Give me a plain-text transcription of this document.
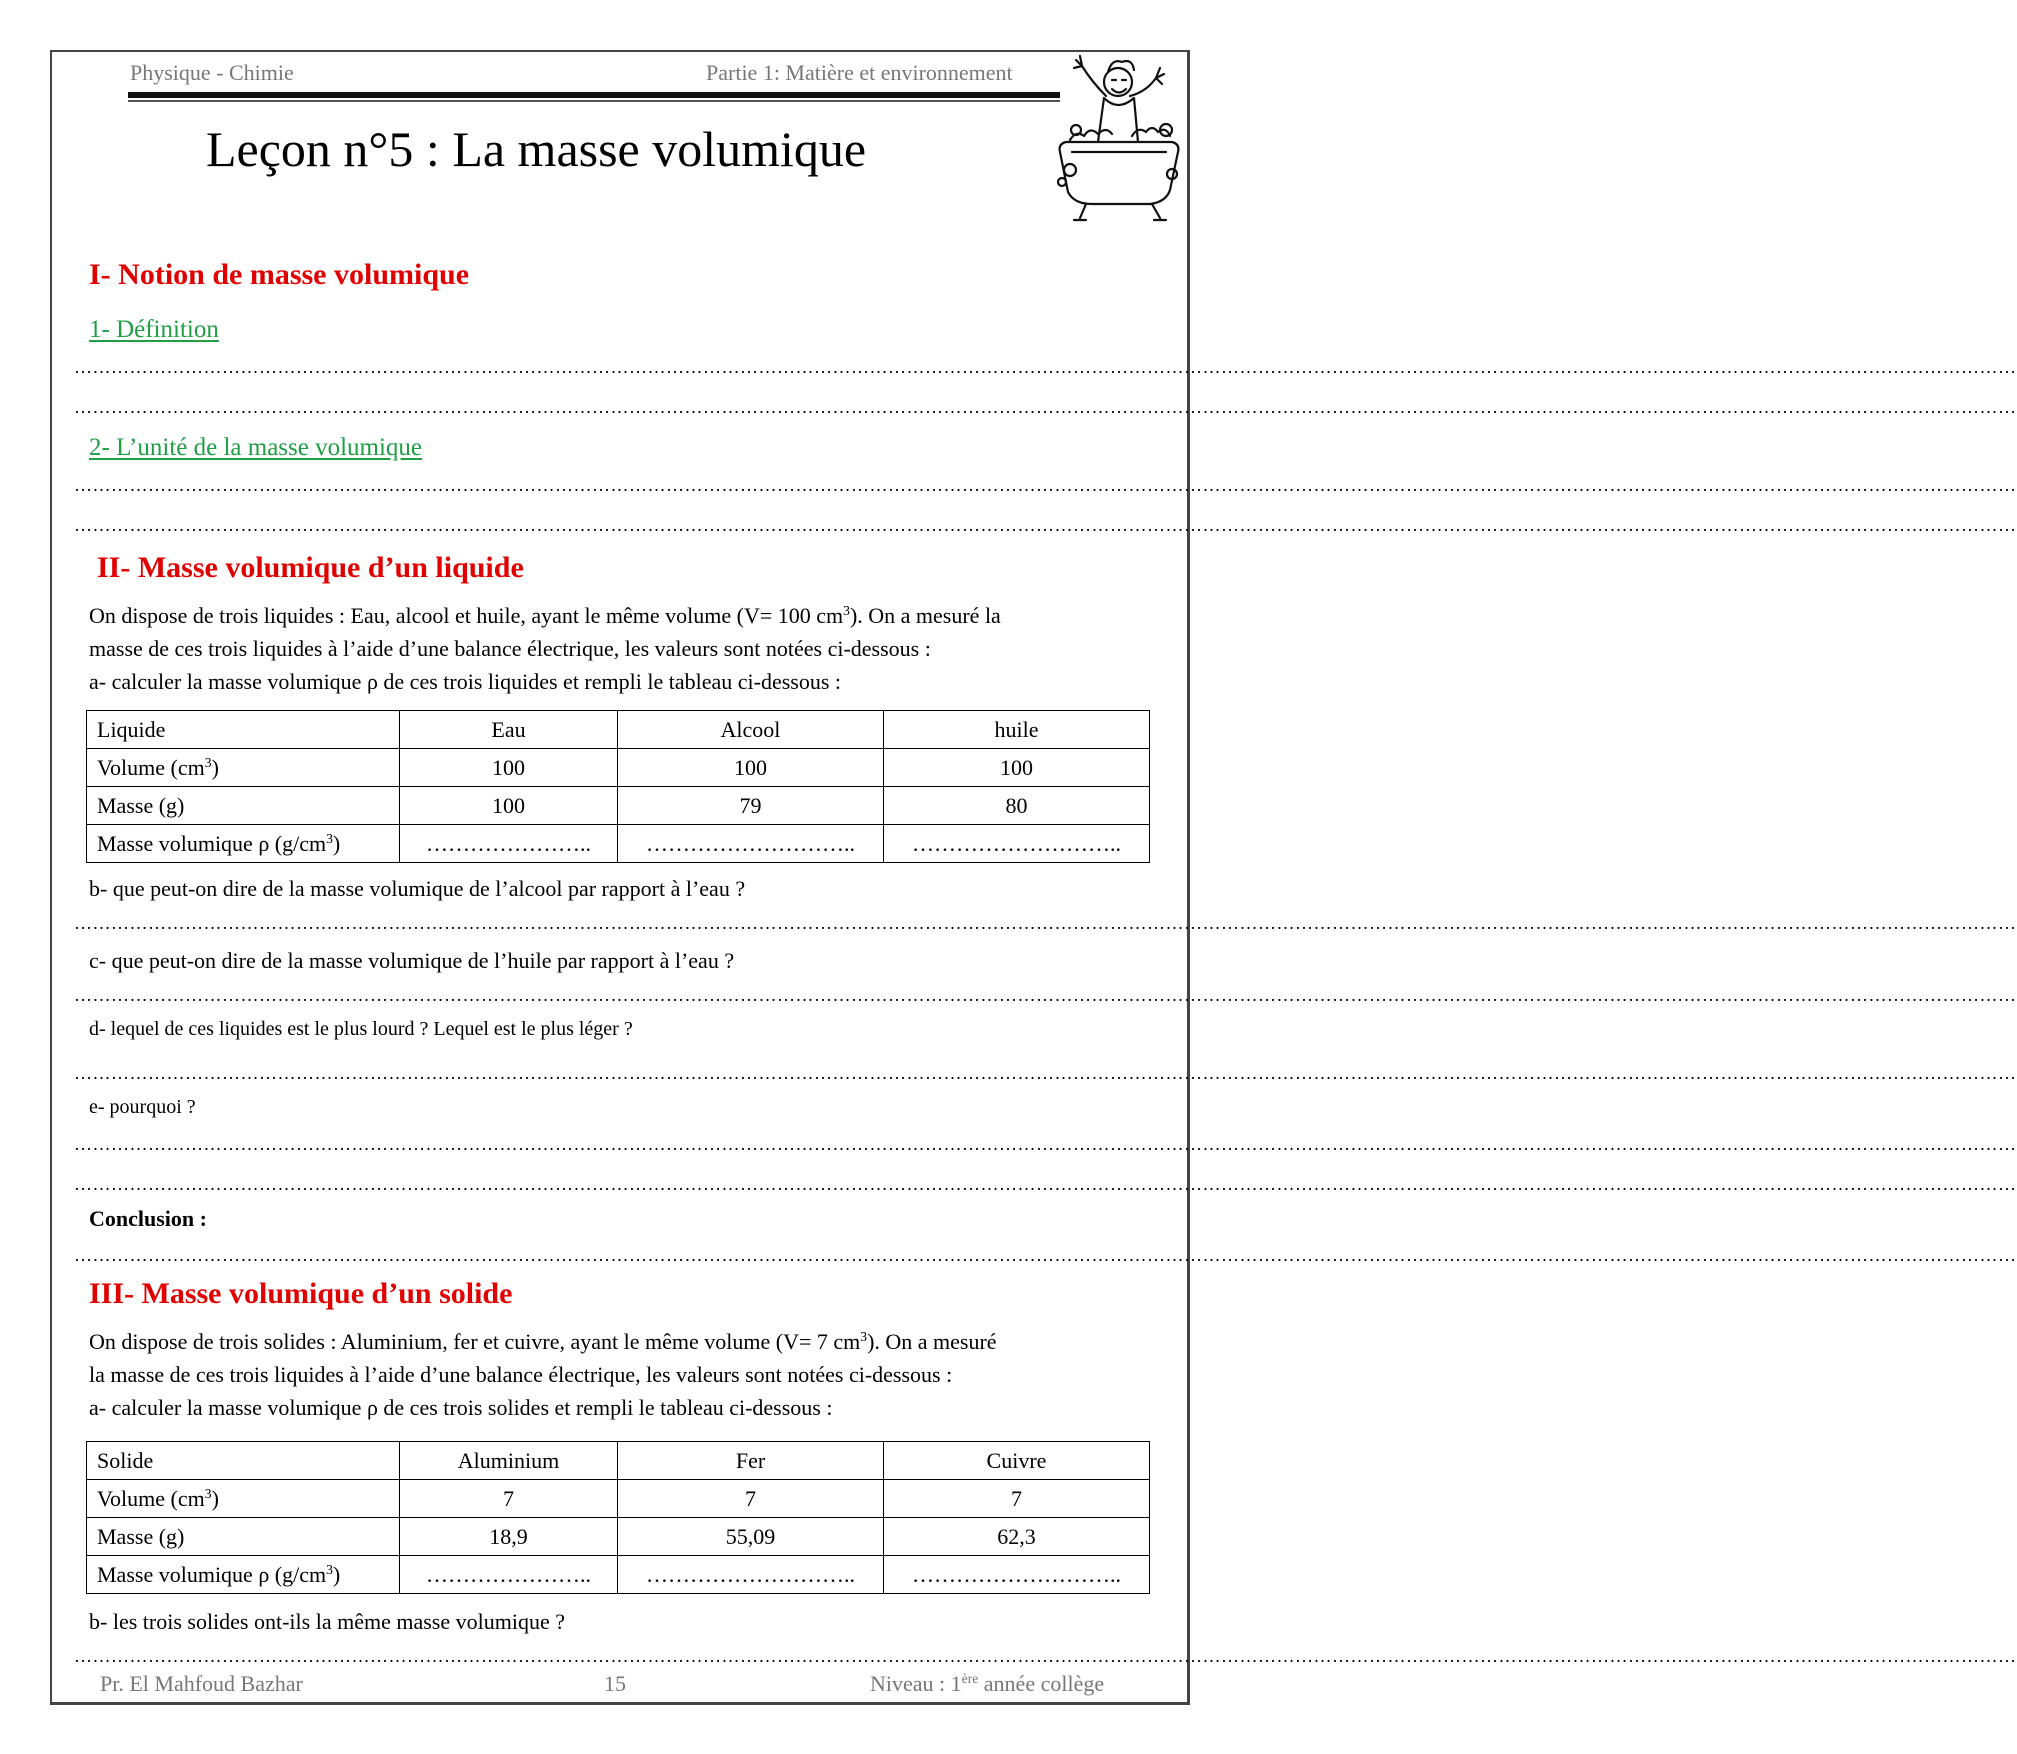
Physique - Chimie	Partie 1: Matière et environnement
Leçon n°5 : La masse volumique
I- Notion de masse volumique
1- Définition
………………………………………………………………………………………………………………………………………………………………………………………………………………………………………………………………………………………
………………………………………………………………………………………………………………………………………………………………………………………………………………………………………………………………………………………
2- L’unité de la masse volumique
………………………………………………………………………………………………………………………………………………………………………………………………………………………………………………………………………………………
………………………………………………………………………………………………………………………………………………………………………………………………………………………………………………………………………………………
II- Masse volumique d’un liquide
On dispose de trois liquides : Eau, alcool et huile, ayant le même volume (V= 100 $cm^3$). On a mesuré la
masse de ces trois liquides à l’aide d’une balance électrique, les valeurs sont notées ci-dessous :
a- calculer la masse volumique ρ de ces trois liquides et rempli le tableau ci-dessous :
Liquide	Eau	Alcool	huile
Volume $(cm^3)$	100	100	100
Masse (g)	100	79	80
Masse volumique ρ $(g/cm^3)$	…………………..	………………………..	………………………..
b- que peut-on dire de la masse volumique de l’alcool par rapport à l’eau ?
………………………………………………………………………………………………………………………………………………………………………………………………………………………………………………………………………………………
c- que peut-on dire de la masse volumique de l’huile par rapport à l’eau ?
………………………………………………………………………………………………………………………………………………………………………………………………………………………………………………………………………………………
d- lequel de ces liquides est le plus lourd ? Lequel est le plus léger ?
………………………………………………………………………………………………………………………………………………………………………………………………………………………………………………………………………………………
e- pourquoi ?
………………………………………………………………………………………………………………………………………………………………………………………………………………………………………………………………………………………
………………………………………………………………………………………………………………………………………………………………………………………………………………………………………………………………………………………
Conclusion :
………………………………………………………………………………………………………………………………………………………………………………………………………………………………………………………………………………………
III- Masse volumique d’un solide
On dispose de trois solides : Aluminium, fer et cuivre, ayant le même volume (V= 7 $cm^3$). On a mesuré
la masse de ces trois liquides à l’aide d’une balance électrique, les valeurs sont notées ci-dessous :
a- calculer la masse volumique ρ de ces trois solides et rempli le tableau ci-dessous :
Solide	Aluminium	Fer	Cuivre
Volume $(cm^3)$	7	7	7
Masse (g)	18,9	55,09	62,3
Masse volumique ρ $(g/cm^3)$	…………………..	………………………..	………………………..
b- les trois solides ont-ils la même masse volumique ?
………………………………………………………………………………………………………………………………………………………………………………………………………………………………………………………………………………………
Pr. El Mahfoud Bazhar	15	Niveau : 1ère année collège
